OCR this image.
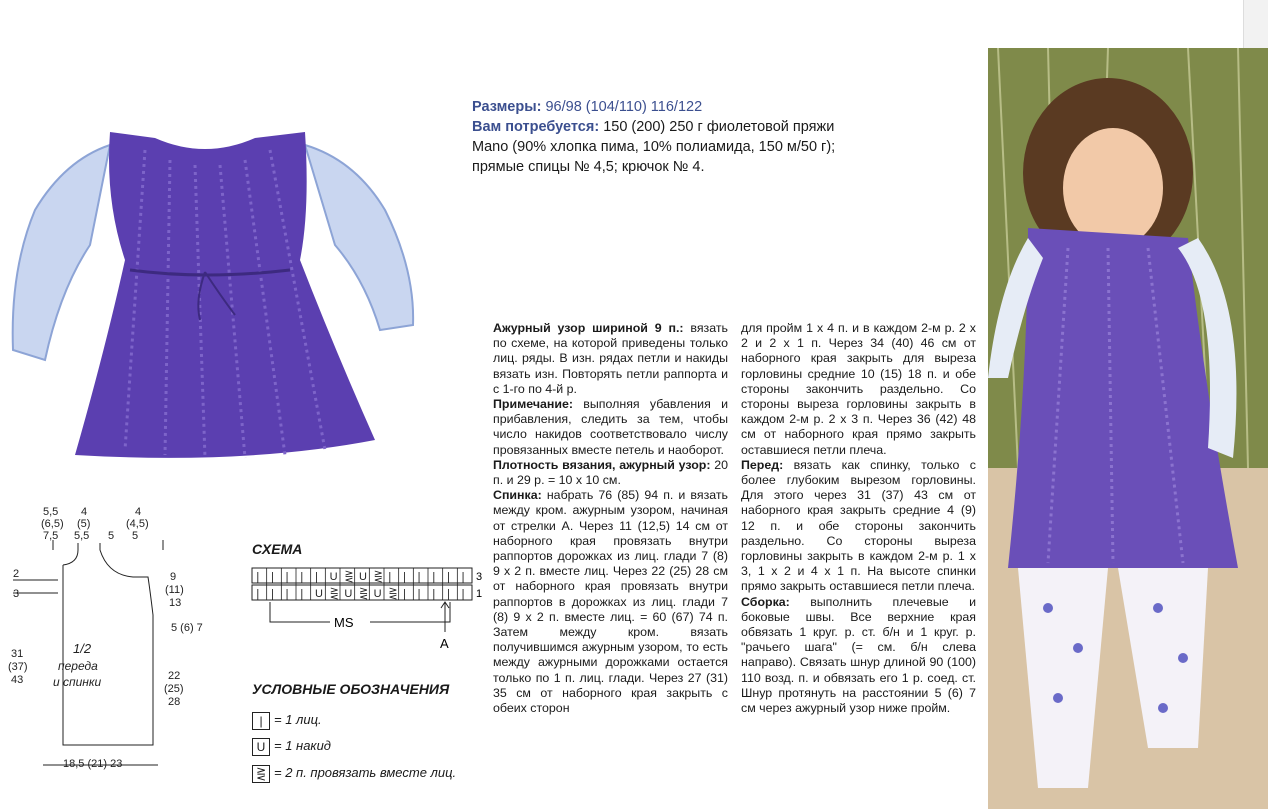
Размеры: 96/98 (104/110) 116/122

Вам потребуется: 150 (200) 250 г фиолетовой пряжи

Mano (90% хлопка пима, 10% полиамида, 150 м/50 г);

прямые спицы № 4,5; крючок № 4.

Ажурный узор шириной 9 п.: вязать по схеме, на которой приведены только лиц. ряды. В изн. рядах петли и накиды вязать изн. Повторять петли раппорта и с 1-го по 4-й р.

Примечание: выполняя убавления и прибавления, следить за тем, чтобы число накидов соответствовало числу провязанных вместе петель и наоборот.

Плотность вязания, ажурный узор: 20 п. и 29 р. = 10 х 10 см.

Спинка: набрать 76 (85) 94 п. и вязать между кром. ажурным узором, начиная от стрелки А. Через 11 (12,5) 14 см от наборного края провязать внутри раппортов дорожках из лиц. глади 7 (8) 9 х 2 п. вместе лиц. Через 22 (25) 28 см от наборного края провязать внутри раппортов в дорожках из лиц. глади 7 (8) 9 х 2 п. вместе лиц. = 60 (67) 74 п. Затем между кром. вязать получившимся ажурным узором, то есть между ажурными дорожками остается только по 1 п. лиц. глади. Через 27 (31) 35 см от наборного края закрыть с обеих сторон

для пройм 1 х 4 п. и в каждом 2-м р. 2 х 2 и 2 х 1 п. Через 34 (40) 46 см от наборного края закрыть для выреза горловины средние 10 (15) 18 п. и обе стороны закончить раздельно. Со стороны выреза горловины закрыть в каждом 2-м р. 2 х 3 п. Через 36 (42) 48 см от наборного края прямо закрыть оставшиеся петли плеча.

Перед: вязать как спинку, только с более глубоким вырезом горловины. Для этого через 31 (37) 43 см от наборного края закрыть средние 4 (9) 12 п. и обе стороны закончить раздельно. Со стороны выреза горловины закрыть в каждом 2-м р. 1 х 3, 1 х 2 и 4 х 1 п. На высоте спинки прямо закрыть оставшиеся петли плеча.

Сборка: выполнить плечевые и боковые швы. Все верхние края обвязать 1 круг. р. ст. б/н и 1 круг. р. "рачьего шага" (= см. б/н слева направо). Связать шнур длиной 90 (100) 110 возд. п. и обвязать его 1 р. соед. ст. Шнур протянуть на расстоянии 5 (6) 7 см через ажурный узор ниже пройм.

СХЕМА
| | | | | U ⋛ U ⋛ | | | | | |
| | | | U ⋛ U ⋛ U ⋛ | | | | |
3
1
MS
A
УСЛОВНЫЕ ОБОЗНАЧЕНИЯ
| = 1 лиц.
U = 1 накид
⋛ = 2 п. провязать вместе лиц.
5,5
(6,5)
7,5
4
(5)
5,5 5
4
(4,5)
5
2
3
9
(11)
13
5 (6) 7
31
(37)
43
1/2
переда
и спинки	22
(25)
28
18,5 (21) 23
